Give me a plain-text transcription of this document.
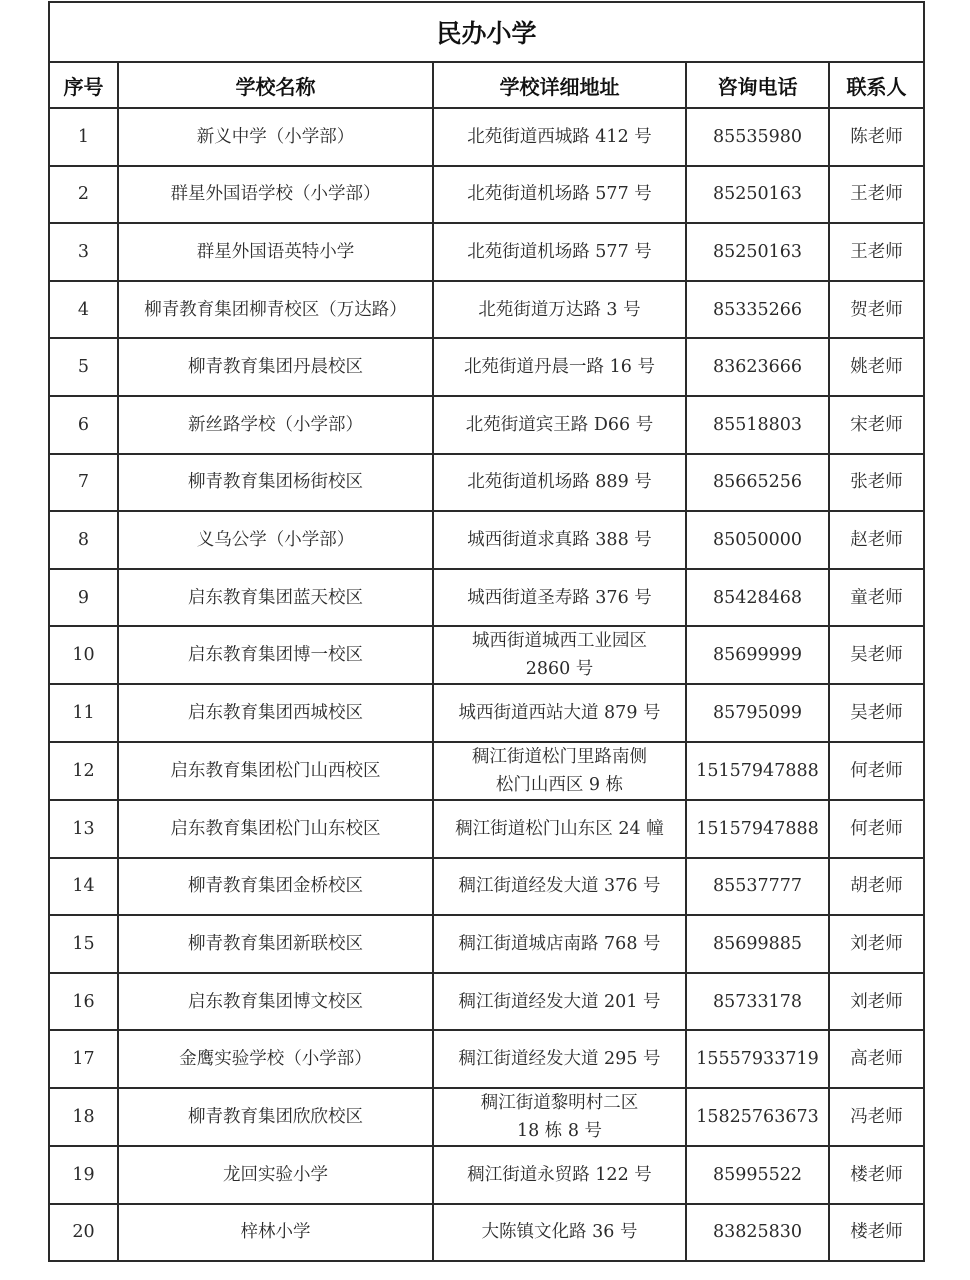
民办小学				
序号	学校名称	学校详细地址	咨询电话	联系人
1	新义中学（小学部）	北苑街道西城路 412 号	85535980	陈老师
2	群星外国语学校（小学部）	北苑街道机场路 577 号	85250163	王老师
3	群星外国语英特小学	北苑街道机场路 577 号	85250163	王老师
4	柳青教育集团柳青校区（万达路）	北苑街道万达路 3 号	85335266	贺老师
5	柳青教育集团丹晨校区	北苑街道丹晨一路 16 号	83623666	姚老师
6	新丝路学校（小学部）	北苑街道宾王路 D66 号	85518803	宋老师
7	柳青教育集团杨街校区	北苑街道机场路 889 号	85665256	张老师
8	义乌公学（小学部）	城西街道求真路 388 号	85050000	赵老师
9	启东教育集团蓝天校区	城西街道圣寿路 376 号	85428468	童老师
10	启东教育集团博一校区	城西街道城西工业园区
2860 号	85699999	吴老师
11	启东教育集团西城校区	城西街道西站大道 879 号	85795099	吴老师
12	启东教育集团松门山西校区	稠江街道松门里路南侧
松门山西区 9 栋	15157947888	何老师
13	启东教育集团松门山东校区	稠江街道松门山东区 24 幢	15157947888	何老师
14	柳青教育集团金桥校区	稠江街道经发大道 376 号	85537777	胡老师
15	柳青教育集团新联校区	稠江街道城店南路 768 号	85699885	刘老师
16	启东教育集团博文校区	稠江街道经发大道 201 号	85733178	刘老师
17	金鹰实验学校（小学部）	稠江街道经发大道 295 号	15557933719	高老师
18	柳青教育集团欣欣校区	稠江街道黎明村二区
18 栋 8 号	15825763673	冯老师
19	龙回实验小学	稠江街道永贸路 122 号	85995522	楼老师
20	梓林小学	大陈镇文化路 36 号	83825830	楼老师
